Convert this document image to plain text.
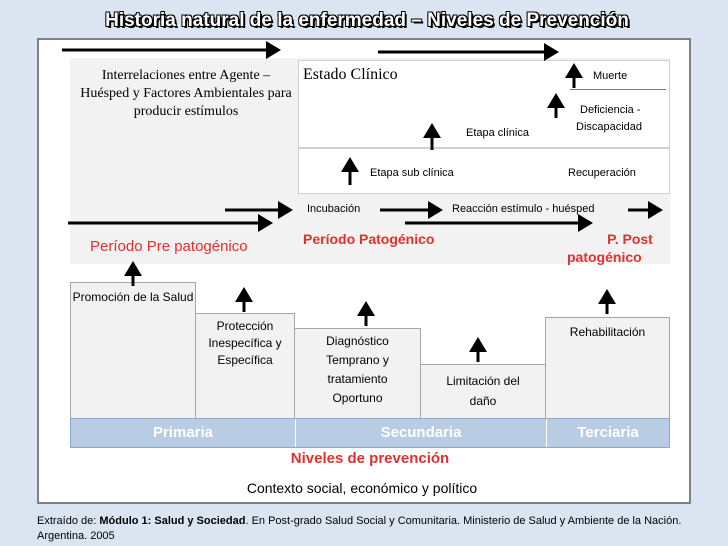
Historia natural de la enfermedad – Niveles de Prevención
Interrelaciones entre Agente – Huésped y Factores Ambientales para producir estímulos
Estado Clínico	Muerte
Deficiencia -
Discapacidad
Etapa clínica
Etapa sub clínica	Recuperación
Incubación	Reacción estímulo - huésped
Período Pre patogénico	Período Patogénico	P. Post
patogénico
Promoción de la Salud
Protección Inespecífica y Específica
Diagnóstico Temprano y tratamiento Oportuno
Limitación del daño
Rehabilitación
Primaria	Secundaria	Terciaria
Niveles de prevención
Contexto social, económico y político
Extraído de: Módulo 1: Salud y Sociedad. En Post-grado Salud Social y Comunitaria. Ministerio de Salud y Ambiente de la Nación. Argentina. 2005
